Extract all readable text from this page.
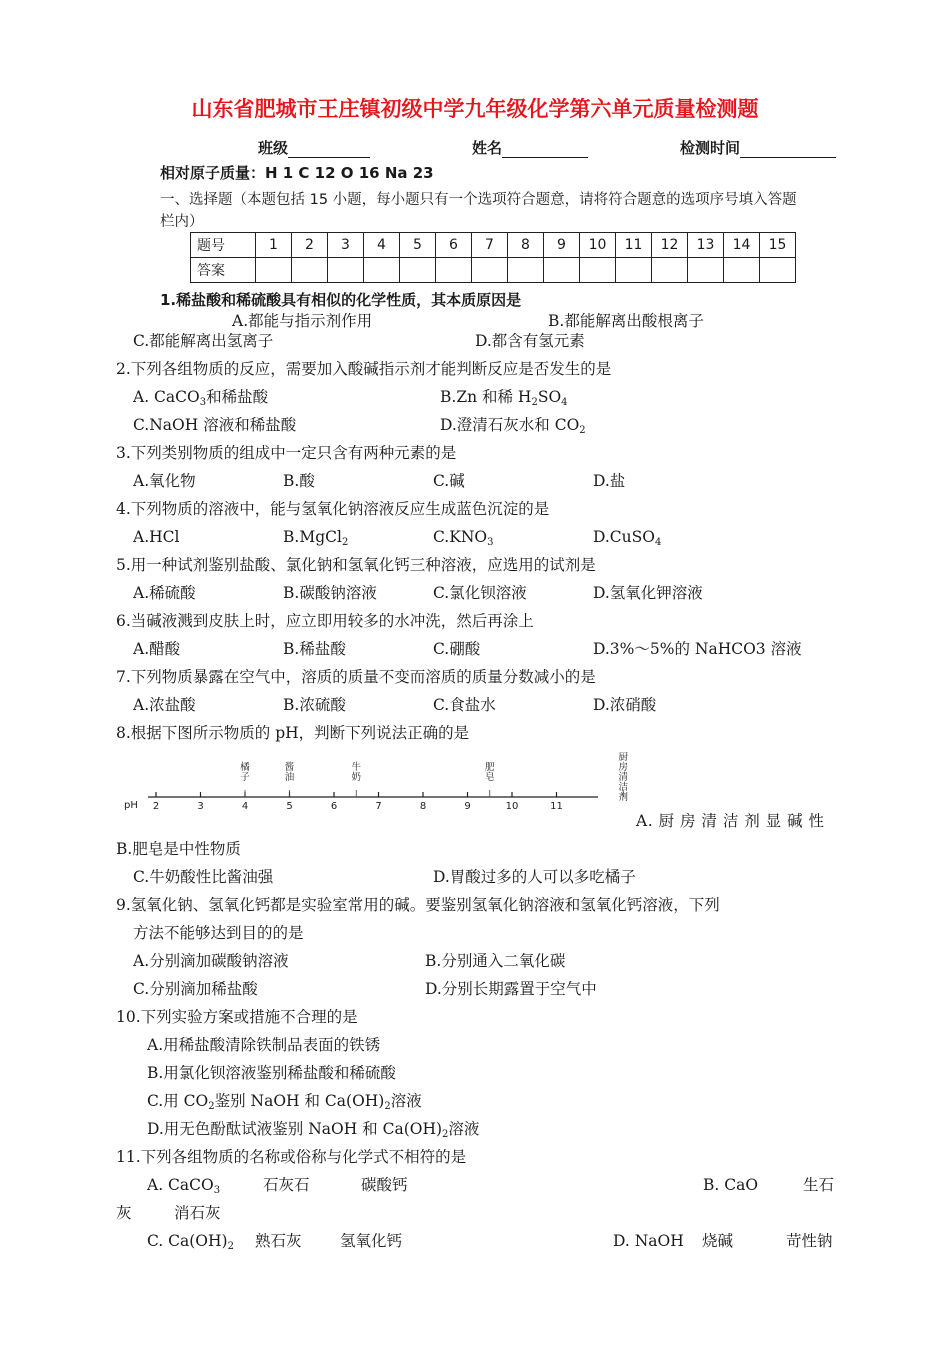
山东省肥城市王庄镇初级中学九年级化学第六单元质量检测题
班级	姓名	检测时间
相对原子质量：H 1 C 12 O 16 Na 23
一、选择题（本题包括 15 小题，每小题只有一个选项符合题意，请将符合题意的选项序号填入答题
栏内）
题号	1	2	3	4	5	6	7	8	9	10	11	12	13	14	15
答案															
1.稀盐酸和稀硫酸具有相似的化学性质，其本质原因是
A.都能与指示剂作用	B.都能解离出酸根离子
C.都能解离出氢离子	D.都含有氢元素
2.下列各组物质的反应，需要加入酸碱指示剂才能判断反应是否发生的是
A. CaCO$_3$和稀盐酸	B.Zn 和稀 $H_2SO_4$
C.NaOH 溶液和稀盐酸	D.澄清石灰水和 $CO_2$
3.下列类别物质的组成中一定只含有两种元素的是
A.氧化物	B.酸	C.碱	D.盐
4.下列物质的溶液中，能与氢氧化钠溶液反应生成蓝色沉淀的是
A.HCl	B.MgCl$_2$	$C.KNO_3$	D.CuSO$_4$
5.用一种试剂鉴别盐酸、氯化钠和氢氧化钙三种溶液，应选用的试剂是
A.稀硫酸	B.碳酸钠溶液	C.氯化钡溶液	D.氢氧化钾溶液
6.当碱液溅到皮肤上时，应立即用较多的水冲洗，然后再涂上
A.醋酸	B.稀盐酸	C.硼酸	D.3%～5%的 NaHCO3 溶液
7.下列物质暴露在空气中，溶质的质量不变而溶质的质量分数减小的是
A.浓盐酸	B.浓硫酸	C.食盐水	D.浓硝酸
8.根据下图所示物质的 pH，判断下列说法正确的是
pH 2	3	4	5	6	7	8	9	10	11
橘子
酱油
牛奶
肥皂
厨房清洁剂
A. 厨 房 清 洁 剂 显 碱 性
B.肥皂是中性物质
C.牛奶酸性比酱油强	D.胃酸过多的人可以多吃橘子
9.氢氧化钠、氢氧化钙都是实验室常用的碱。要鉴别氢氧化钠溶液和氢氧化钙溶液，下列
方法不能够达到目的的是
A.分别滴加碳酸钠溶液	B.分别通入二氧化碳
C.分别滴加稀盐酸	D.分别长期露置于空气中
10.下列实验方案或措施不合理的是
A.用稀盐酸清除铁制品表面的铁锈
B.用氯化钡溶液鉴别稀盐酸和稀硫酸
C.用 $CO_2$鉴别 NaOH 和 $Ca(OH)_2$溶液
D.用无色酚酞试液鉴别 NaOH 和 $Ca(OH)_2$溶液
11.下列各组物质的名称或俗称与化学式不相符的是
A. CaCO$_3$	石灰石	碳酸钙	B. CaO	生石
灰	消石灰
C. $Ca(OH)_2$ 熟石灰 氢氧化钙	D. NaOH 烧碱	苛性钠
